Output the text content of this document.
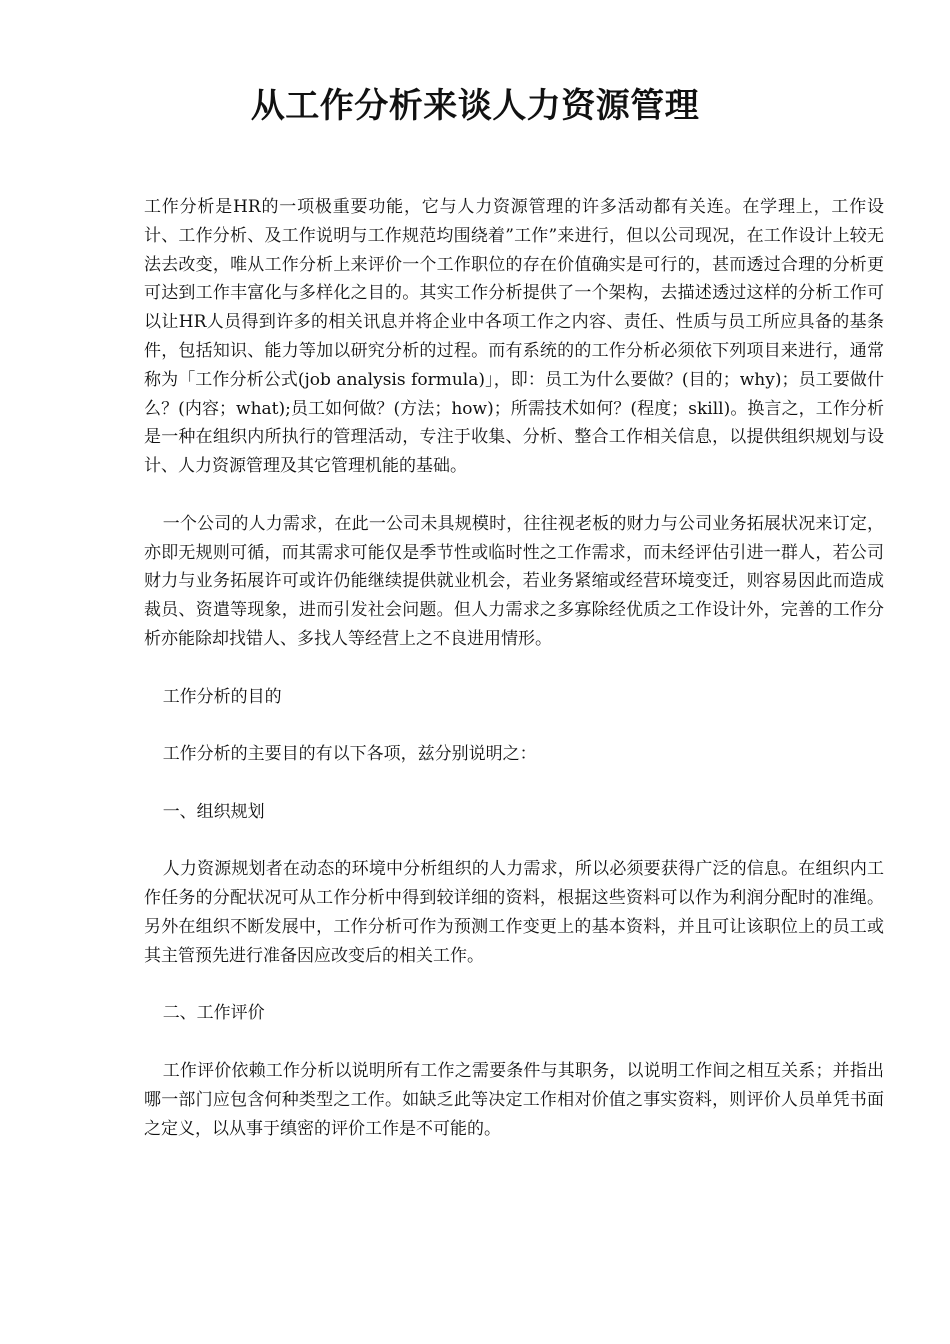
从工作分析来谈人力资源管理

工作分析是HR的一项极重要功能，它与人力资源管理的许多活动都有关连。在学理上，工作设计、工作分析、及工作说明与工作规范均围绕着”工作”来进行，但以公司现况，在工作设计上较无法去改变，唯从工作分析上来评价一个工作职位的存在价值确实是可行的，甚而透过合理的分析更可达到工作丰富化与多样化之目的。其实工作分析提供了一个架构，去描述透过这样的分析工作可以让HR人员得到许多的相关讯息并将企业中各项工作之内容、责任、性质与员工所应具备的基条件，包括知识、能力等加以研究分析的过程。而有系统的的工作分析必须依下列项目来进行，通常称为「工作分析公式(job analysis formula)」，即：员工为什么要做？(目的；why)；员工要做什么？(内容；what);员工如何做？(方法；how)；所需技术如何？(程度；skill)。换言之，工作分析是一种在组织内所执行的管理活动，专注于收集、分析、整合工作相关信息，以提供组织规划与设计、人力资源管理及其它管理机能的基础。

一个公司的人力需求，在此一公司未具规模时，往往视老板的财力与公司业务拓展状况来订定，亦即无规则可循，而其需求可能仅是季节性或临时性之工作需求，而未经评估引进一群人，若公司财力与业务拓展许可或许仍能继续提供就业机会，若业务紧缩或经营环境变迁，则容易因此而造成裁员、资遣等现象，进而引发社会问题。但人力需求之多寡除经优质之工作设计外，完善的工作分析亦能除却找错人、多找人等经营上之不良进用情形。

工作分析的目的

工作分析的主要目的有以下各项，兹分别说明之：

一、组织规划

人力资源规划者在动态的环境中分析组织的人力需求，所以必须要获得广泛的信息。在组织内工作任务的分配状况可从工作分析中得到较详细的资料，根据这些资料可以作为利润分配时的准绳。另外在组织不断发展中，工作分析可作为预测工作变更上的基本资料，并且可让该职位上的员工或其主管预先进行准备因应改变后的相关工作。

二、工作评价

工作评价依赖工作分析以说明所有工作之需要条件与其职务，以说明工作间之相互关系；并指出哪一部门应包含何种类型之工作。如缺乏此等决定工作相对价值之事实资料，则评价人员单凭书面之定义，以从事于缜密的评价工作是不可能的。
